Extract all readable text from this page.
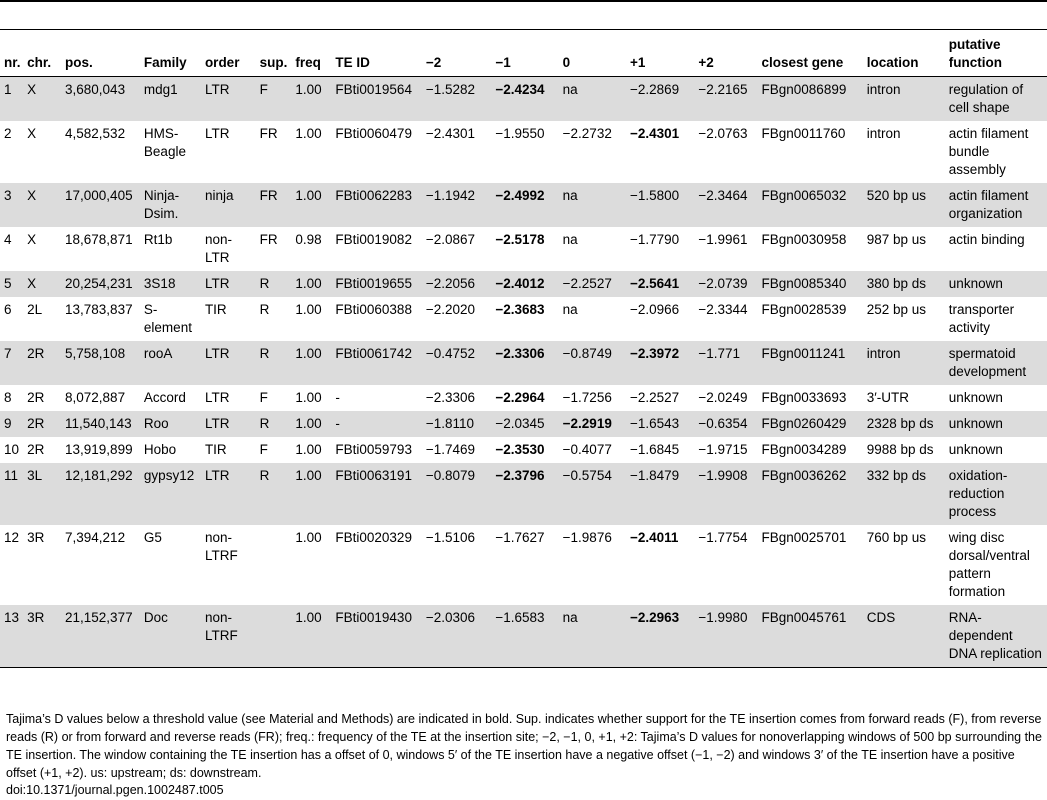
nr.	chr.	pos.	Family	order	sup.	freq	TE ID	−2	−1	0	+1	+2	closest gene	location	putative function
1	X	3,680,043	mdg1	LTR	F	1.00	FBti0019564	−1.5282	−2.4234	na	−2.2869	−2.2165	FBgn0086899	intron	regulation of cell shape
2	X	4,582,532	HMS-Beagle	LTR	FR	1.00	FBti0060479	−2.4301	−1.9550	−2.2732	−2.4301	−2.0763	FBgn0011760	intron	actin filament bundle assembly
3	X	17,000,405	Ninja-Dsim.	ninja	FR	1.00	FBti0062283	−1.1942	−2.4992	na	−1.5800	−2.3464	FBgn0065032	520 bp us	actin filament organization
4	X	18,678,871	Rt1b	non-LTR	FR	0.98	FBti0019082	−2.0867	−2.5178	na	−1.7790	−1.9961	FBgn0030958	987 bp us	actin binding
5	X	20,254,231	3S18	LTR	R	1.00	FBti0019655	−2.2056	−2.4012	−2.2527	−2.5641	−2.0739	FBgn0085340	380 bp ds	unknown
6	2L	13,783,837	S-element	TIR	R	1.00	FBti0060388	−2.2020	−2.3683	na	−2.0966	−2.3344	FBgn0028539	252 bp us	transporter activity
7	2R	5,758,108	rooA	LTR	R	1.00	FBti0061742	−0.4752	−2.3306	−0.8749	−2.3972	−1.771	FBgn0011241	intron	spermatoid development
8	2R	8,072,887	Accord	LTR	F	1.00	-	−2.3306	−2.2964	−1.7256	−2.2527	−2.0249	FBgn0033693	3′-UTR	unknown
9	2R	11,540,143	Roo	LTR	R	1.00	-	−1.8110	−2.0345	−2.2919	−1.6543	−0.6354	FBgn0260429	2328 bp ds	unknown
10	2R	13,919,899	Hobo	TIR	F	1.00	FBti0059793	−1.7469	−2.3530	−0.4077	−1.6845	−1.9715	FBgn0034289	9988 bp ds	unknown
11	3L	12,181,292	gypsy12	LTR	R	1.00	FBti0063191	−0.8079	−2.3796	−0.5754	−1.8479	−1.9908	FBgn0036262	332 bp ds	oxidation-reduction process
12	3R	7,394,212	G5	non-LTRF		1.00	FBti0020329	−1.5106	−1.7627	−1.9876	−2.4011	−1.7754	FBgn0025701	760 bp us	wing disc dorsal/ventral pattern formation
13	3R	21,152,377	Doc	non-LTRF		1.00	FBti0019430	−2.0306	−1.6583	na	−2.2963	−1.9980	FBgn0045761	CDS	RNA-dependent DNA replication

Tajima’s D values below a threshold value (see Material and Methods) are indicated in bold. Sup. indicates whether support for the TE insertion comes from forward reads (F), from reverse reads (R) or from forward and reverse reads (FR); freq.: frequency of the TE at the insertion site; −2, −1, 0, +1, +2: Tajima’s D values for nonoverlapping windows of 500 bp surrounding the TE insertion. The window containing the TE insertion has a offset of 0, windows 5′ of the TE insertion have a negative offset (−1, −2) and windows 3′ of the TE insertion have a positive offset (+1, +2). us: upstream; ds: downstream.

doi:10.1371/journal.pgen.1002487.t005
